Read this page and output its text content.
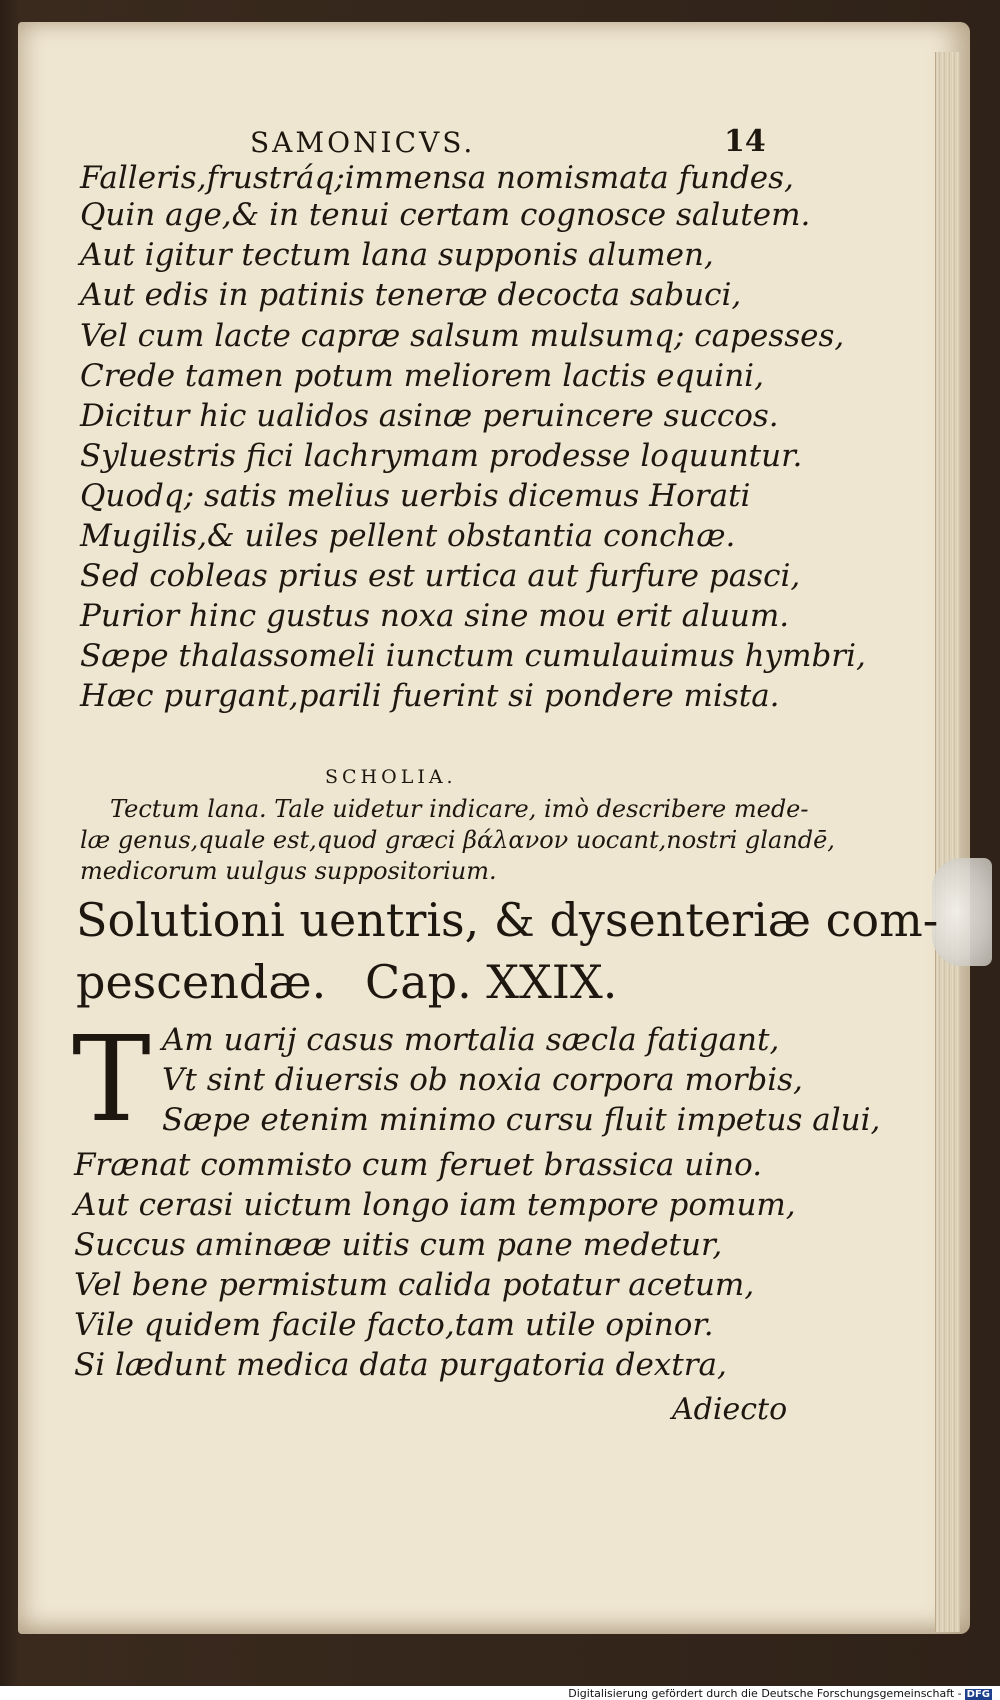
SAMONICVS.	14
Falleris,frustráq;immensa nomismata fundes,
Quin age,& in tenui certam cognosce salutem.
Aut igitur tectum lana supponis alumen,
Aut edis in patinis teneræ decocta sabuci,
Vel cum lacte capræ salsum mulsumq; capesses,
Crede tamen potum meliorem lactis equini,
Dicitur hic ualidos asinæ peruincere succos.
Syluestris fici lachrymam prodesse loquuntur.
Quodq; satis melius uerbis dicemus Horati
Mugilis,& uiles pellent obstantia conchæ.
Sed cobleas prius est urtica aut furfure pasci,
Purior hinc gustus noxa sine mou erit aluum.
Sæpe thalassomeli iunctum cumulauimus hymbri,
Hæc purgant,parili fuerint si pondere mista.
SCHOLIA.
Tectum lana. Tale uidetur indicare, imò describere mede-
læ genus,quale est,quod græci βάλανον uocant,nostri glandē,
medicorum uulgus suppositorium.
Solutioni uentris, & dysenteriæ com-
pescendæ. Cap. XXIX.
T Am uarij casus mortalia sæcla fatigant,
Vt sint diuersis ob noxia corpora morbis,
Sæpe etenim minimo cursu fluit impetus alui,
Frænat commisto cum feruet brassica uino.
Aut cerasi uictum longo iam tempore pomum,
Succus aminææ uitis cum pane medetur,
Vel bene permistum calida potatur acetum,
Vile quidem facile facto,tam utile opinor.
Si lædunt medica data purgatoria dextra,
Adiecto
Digitalisierung gefördert durch die Deutsche Forschungsgemeinschaft - DFG
